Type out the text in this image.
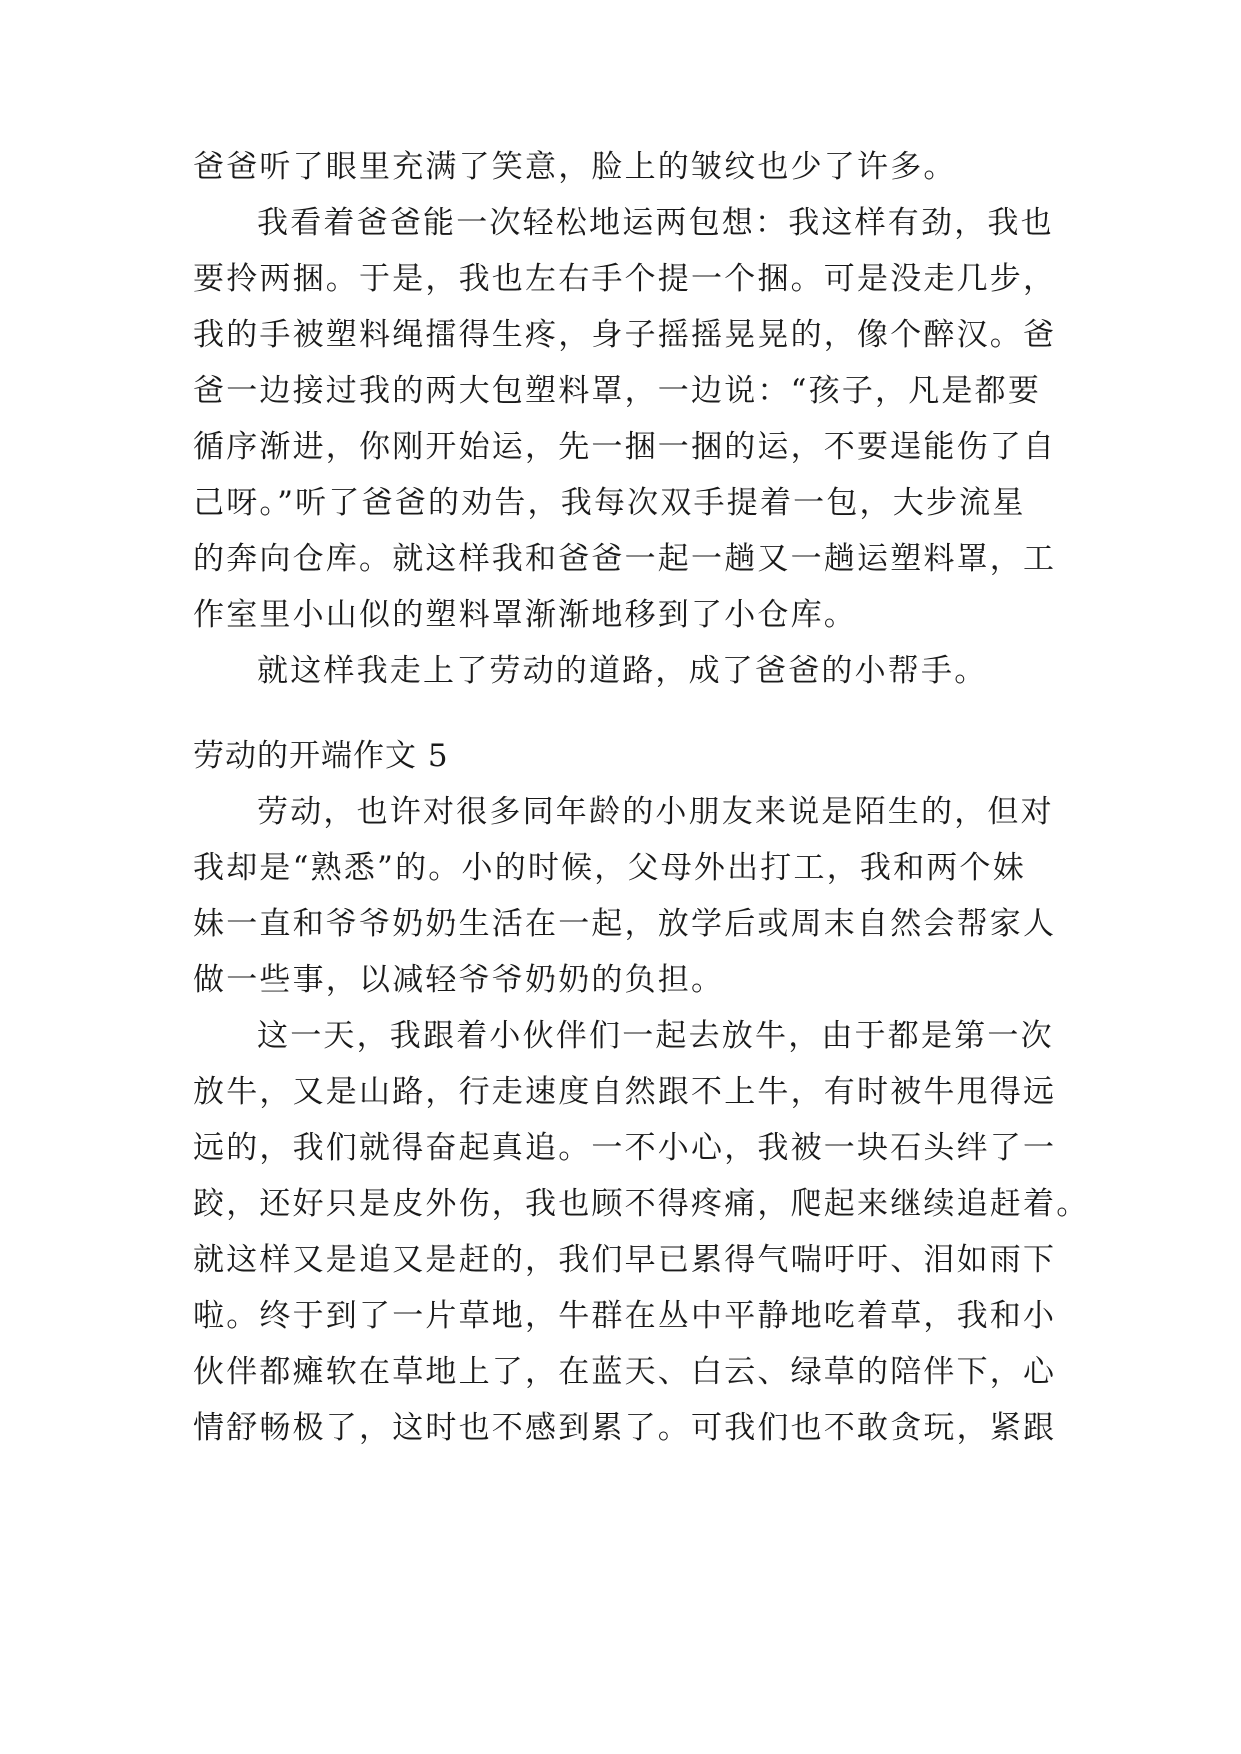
爸爸听了眼里充满了笑意，脸上的皱纹也少了许多。
我看着爸爸能一次轻松地运两包想：我这样有劲，我也
要拎两捆。于是，我也左右手个提一个捆。可是没走几步，
我的手被塑料绳擂得生疼，身子摇摇晃晃的，像个醉汉。爸
爸一边接过我的两大包塑料罩，一边说：“孩子，凡是都要
循序渐进，你刚开始运，先一捆一捆的运，不要逞能伤了自
己呀。”听了爸爸的劝告，我每次双手提着一包，大步流星
的奔向仓库。就这样我和爸爸一起一趟又一趟运塑料罩，工
作室里小山似的塑料罩渐渐地移到了小仓库。
就这样我走上了劳动的道路，成了爸爸的小帮手。
劳动的开端作文 5
劳动，也许对很多同年龄的小朋友来说是陌生的，但对
我却是“熟悉”的。小的时候，父母外出打工，我和两个妹
妹一直和爷爷奶奶生活在一起，放学后或周末自然会帮家人
做一些事，以减轻爷爷奶奶的负担。
这一天，我跟着小伙伴们一起去放牛，由于都是第一次
放牛，又是山路，行走速度自然跟不上牛，有时被牛甩得远
远的，我们就得奋起真追。一不小心，我被一块石头绊了一
跤，还好只是皮外伤，我也顾不得疼痛，爬起来继续追赶着。
就这样又是追又是赶的，我们早已累得气喘吁吁、泪如雨下
啦。终于到了一片草地，牛群在丛中平静地吃着草，我和小
伙伴都瘫软在草地上了，在蓝天、白云、绿草的陪伴下，心
情舒畅极了，这时也不感到累了。可我们也不敢贪玩，紧跟
